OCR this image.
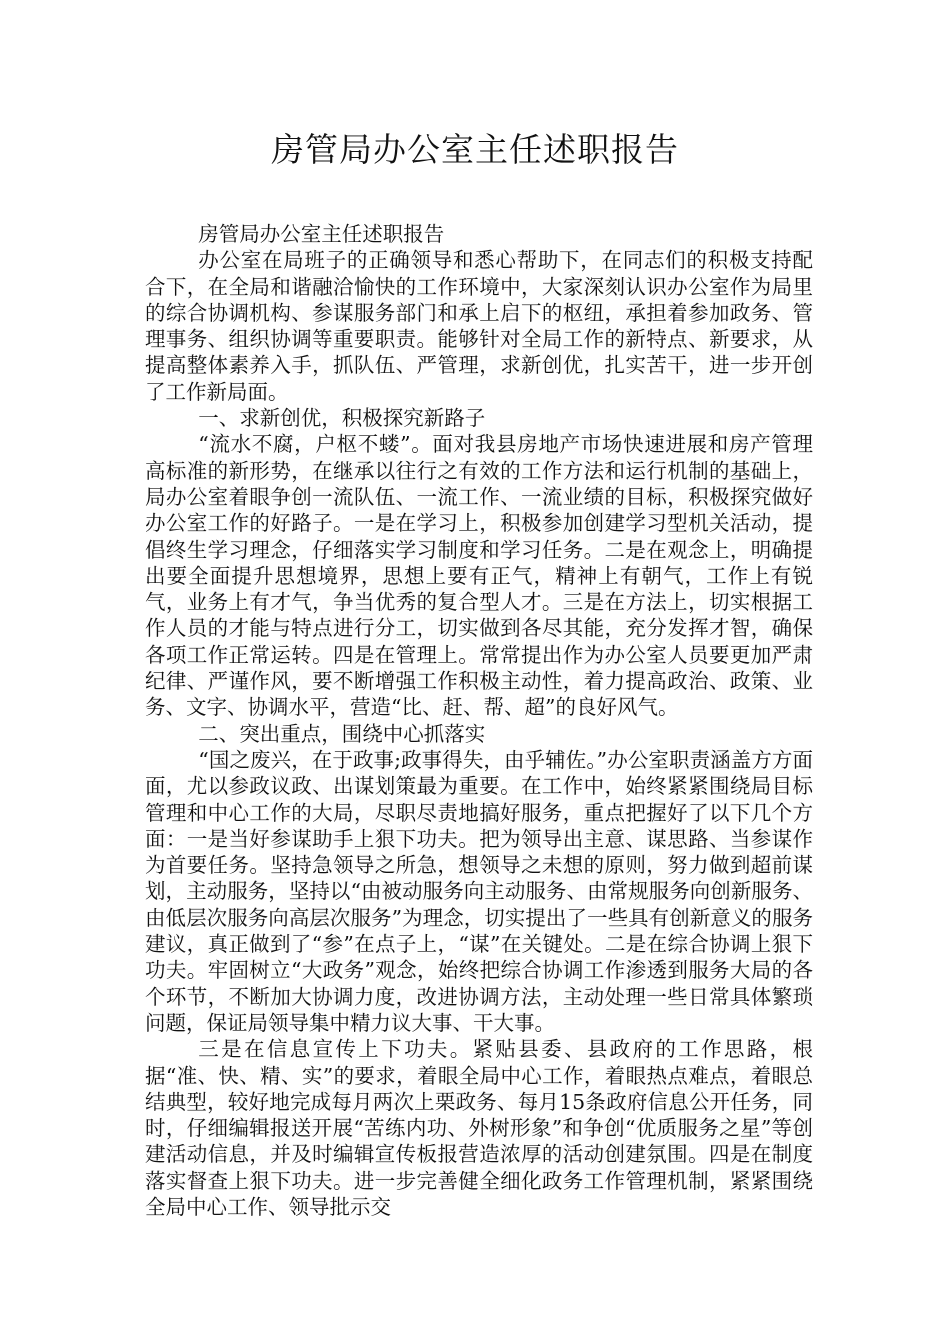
房管局办公室主任述职报告

房管局办公室主任述职报告

办公室在局班子的正确领导和悉心帮助下，在同志们的积极支持配合下，在全局和谐融洽愉快的工作环境中，大家深刻认识办公室作为局里的综合协调机构、参谋服务部门和承上启下的枢纽，承担着参加政务、管理事务、组织协调等重要职责。能够针对全局工作的新特点、新要求，从提高整体素养入手，抓队伍、严管理，求新创优，扎实苦干，进一步开创了工作新局面。

一、求新创优，积极探究新路子

“流水不腐，户枢不蝼”。面对我县房地产市场快速进展和房产管理高标准的新形势，在继承以往行之有效的工作方法和运行机制的基础上，局办公室着眼争创一流队伍、一流工作、一流业绩的目标，积极探究做好办公室工作的好路子。一是在学习上，积极参加创建学习型机关活动，提倡终生学习理念，仔细落实学习制度和学习任务。二是在观念上，明确提出要全面提升思想境界，思想上要有正气，精神上有朝气，工作上有锐气，业务上有才气，争当优秀的复合型人才。三是在方法上，切实根据工作人员的才能与特点进行分工，切实做到各尽其能，充分发挥才智，确保各项工作正常运转。四是在管理上。常常提出作为办公室人员要更加严肃纪律、严谨作风，要不断增强工作积极主动性，着力提高政治、政策、业务、文字、协调水平，营造“比、赶、帮、超”的良好风气。

二、突出重点，围绕中心抓落实

“国之废兴，在于政事;政事得失，由乎辅佐。”办公室职责涵盖方方面面，尤以参政议政、出谋划策最为重要。在工作中，始终紧紧围绕局目标管理和中心工作的大局，尽职尽责地搞好服务，重点把握好了以下几个方面：一是当好参谋助手上狠下功夫。把为领导出主意、谋思路、当参谋作为首要任务。坚持急领导之所急，想领导之未想的原则，努力做到超前谋划，主动服务，坚持以“由被动服务向主动服务、由常规服务向创新服务、由低层次服务向高层次服务”为理念，切实提出了一些具有创新意义的服务建议，真正做到了“参”在点子上，“谋”在关键处。二是在综合协调上狠下功夫。牢固树立“大政务”观念，始终把综合协调工作渗透到服务大局的各个环节，不断加大协调力度，改进协调方法，主动处理一些日常具体繁琐问题，保证局领导集中精力议大事、干大事。

三是在信息宣传上下功夫。紧贴县委、县政府的工作思路，根据“准、快、精、实”的要求，着眼全局中心工作，着眼热点难点，着眼总结典型，较好地完成每月两次上栗政务、每月15条政府信息公开任务，同时，仔细编辑报送开展“苦练内功、外树形象”和争创“优质服务之星”等创建活动信息，并及时编辑宣传板报营造浓厚的活动创建氛围。四是在制度落实督查上狠下功夫。进一步完善健全细化政务工作管理机制，紧紧围绕全局中心工作、领导批示交
